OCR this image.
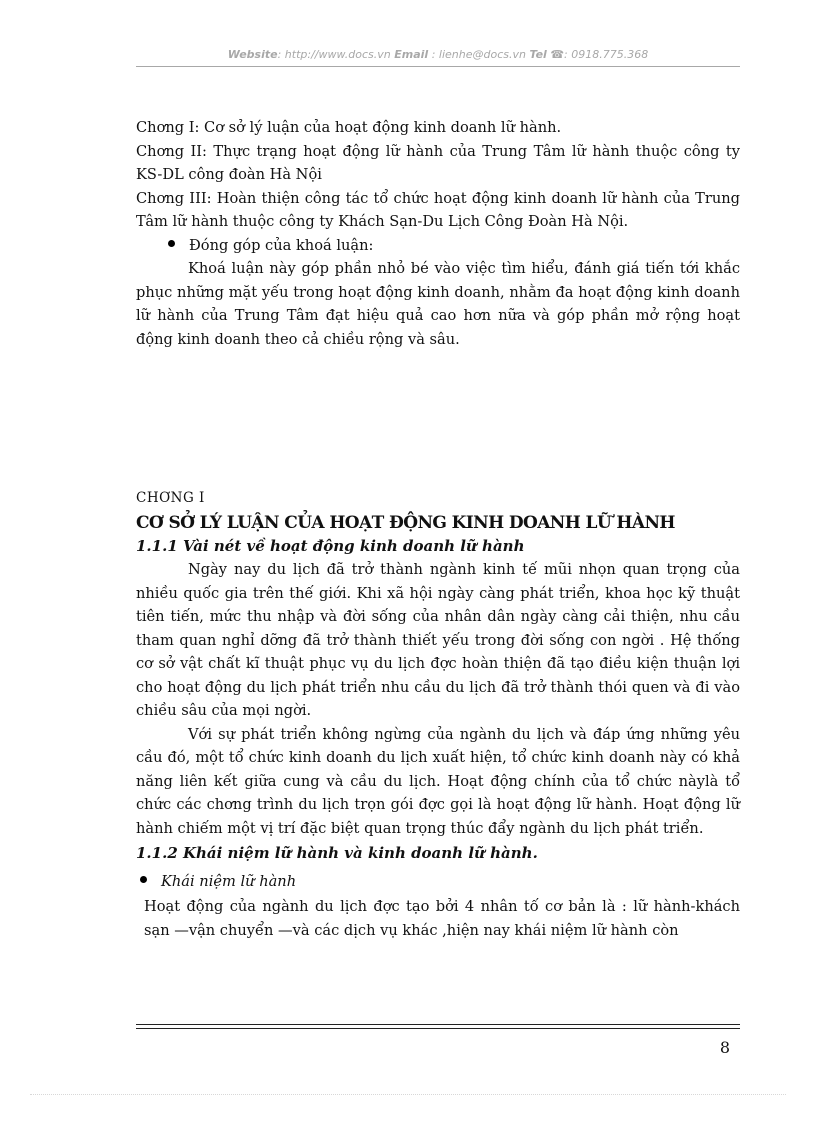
Website: http://www.docs.vn Email : lienhe@docs.vn Tel ☎: 0918.775.368

Chơng I: Cơ sở lý luận của hoạt động kinh doanh lữ hành.

Chơng II: Thực trạng hoạt động lữ hành của Trung Tâm lữ hành thuộc công ty KS-DL công đoàn Hà Nội

Chơng III: Hoàn thiện công tác tổ chức hoạt động kinh doanh lữ hành của Trung Tâm lữ hành thuộc công ty Khách Sạn-Du Lịch Công Đoàn Hà Nội.

Đóng góp của khoá luận:

Khoá luận này góp phần nhỏ bé vào việc tìm hiểu, đánh giá tiến tới khắc phục những mặt yếu trong hoạt động kinh doanh, nhằm đa hoạt động kinh doanh lữ hành của Trung Tâm đạt hiệu quả cao hơn nữa và góp phần mở rộng hoạt động kinh doanh theo cả chiều rộng và sâu.

CHƠNG I

CƠ SỞ LÝ LUẬN CỦA HOẠT ĐỘNG KINH DOANH LỮ HÀNH

1.1.1 Vài nét về hoạt động kinh doanh lữ hành

Ngày nay du lịch đã trở thành ngành kinh tế mũi nhọn quan trọng của nhiều quốc gia trên thế giới. Khi xã hội ngày càng phát triển, khoa học kỹ thuật tiên tiến, mức thu nhập và đời sống của nhân dân ngày càng cải thiện, nhu cầu tham quan nghỉ dỡng đã trở thành thiết yếu trong đời sống con ngời . Hệ thống cơ sở vật chất kĩ thuật phục vụ du lịch đợc hoàn thiện đã tạo điều kiện thuận lợi cho hoạt động du lịch phát triển nhu cầu du lịch đã trở thành thói quen và đi vào chiều sâu của mọi ngời.

Với sự phát triển không ngừng của ngành du lịch và đáp ứng những yêu cầu đó, một tổ chức kinh doanh du lịch xuất hiện, tổ chức kinh doanh này có khả năng liên kết giữa cung và cầu du lịch. Hoạt động chính của tổ chức nàylà tổ chức các chơng trình du lịch trọn gói đợc gọi là hoạt động lữ hành. Hoạt động lữ hành chiếm một vị trí đặc biệt quan trọng thúc đẩy ngành du lịch phát triển.

1.1.2 Khái niệm lữ hành và kinh doanh lữ hành.

Khái niệm lữ hành

Hoạt động của ngành du lịch đợc tạo bởi 4 nhân tố cơ bản là : lữ hành-khách sạn —vận chuyển —và các dịch vụ khác ,hiện nay khái niệm lữ hành còn

8
